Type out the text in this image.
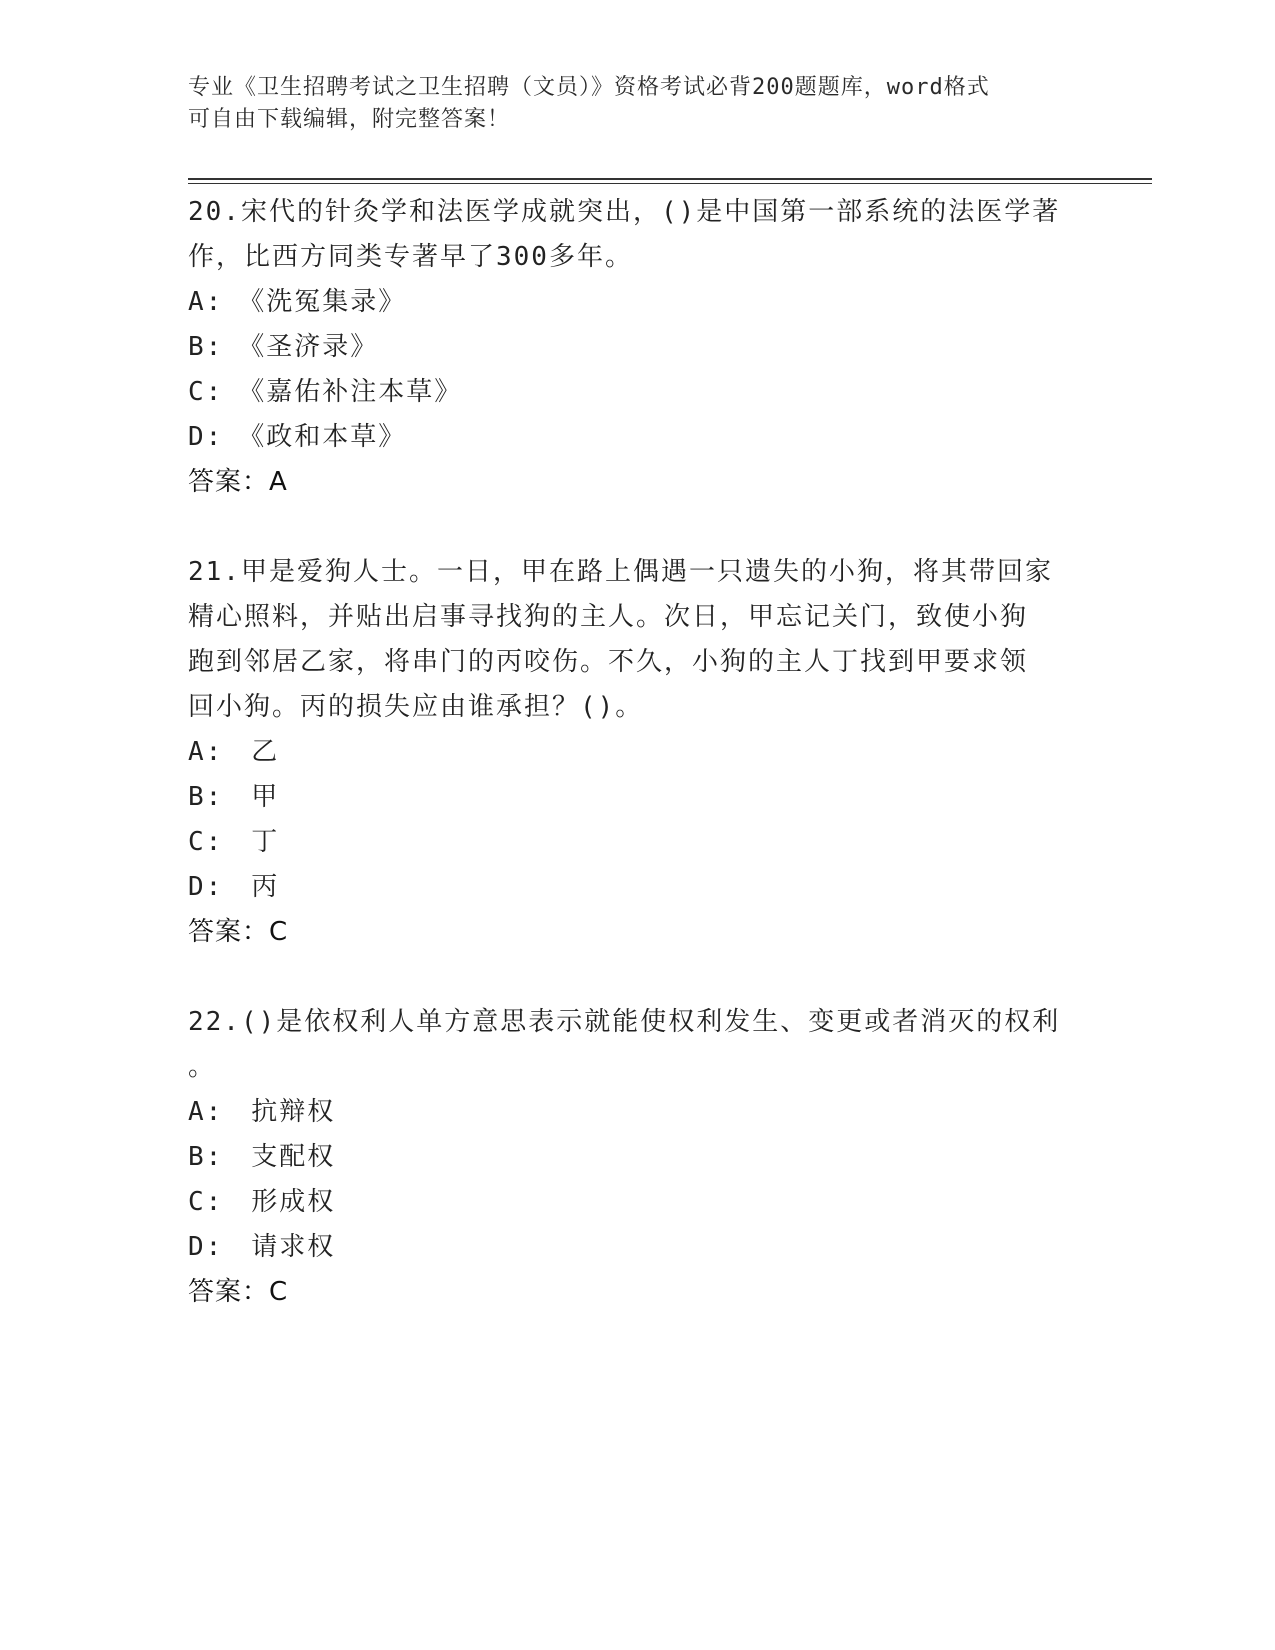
专业《卫生招聘考试之卫生招聘（文员）》资格考试必背200题题库，word格式
可自由下载编辑，附完整答案！

20.宋代的针灸学和法医学成就突出，()是中国第一部系统的法医学著

作，比西方同类专著早了300多年。

A:　《洗冤集录》

B:　《圣济录》

C:　《嘉佑补注本草》

D:　《政和本草》

答案：A

21.甲是爱狗人士。一日，甲在路上偶遇一只遗失的小狗，将其带回家

精心照料，并贴出启事寻找狗的主人。次日，甲忘记关门，致使小狗

跑到邻居乙家，将串门的丙咬伤。不久，小狗的主人丁找到甲要求领

回小狗。丙的损失应由谁承担？()。

A:　乙

B:　甲

C:　丁

D:　丙

答案：C

22.()是依权利人单方意思表示就能使权利发生、变更或者消灭的权利

。

A:　抗辩权

B:　支配权

C:　形成权

D:　请求权

答案：C
